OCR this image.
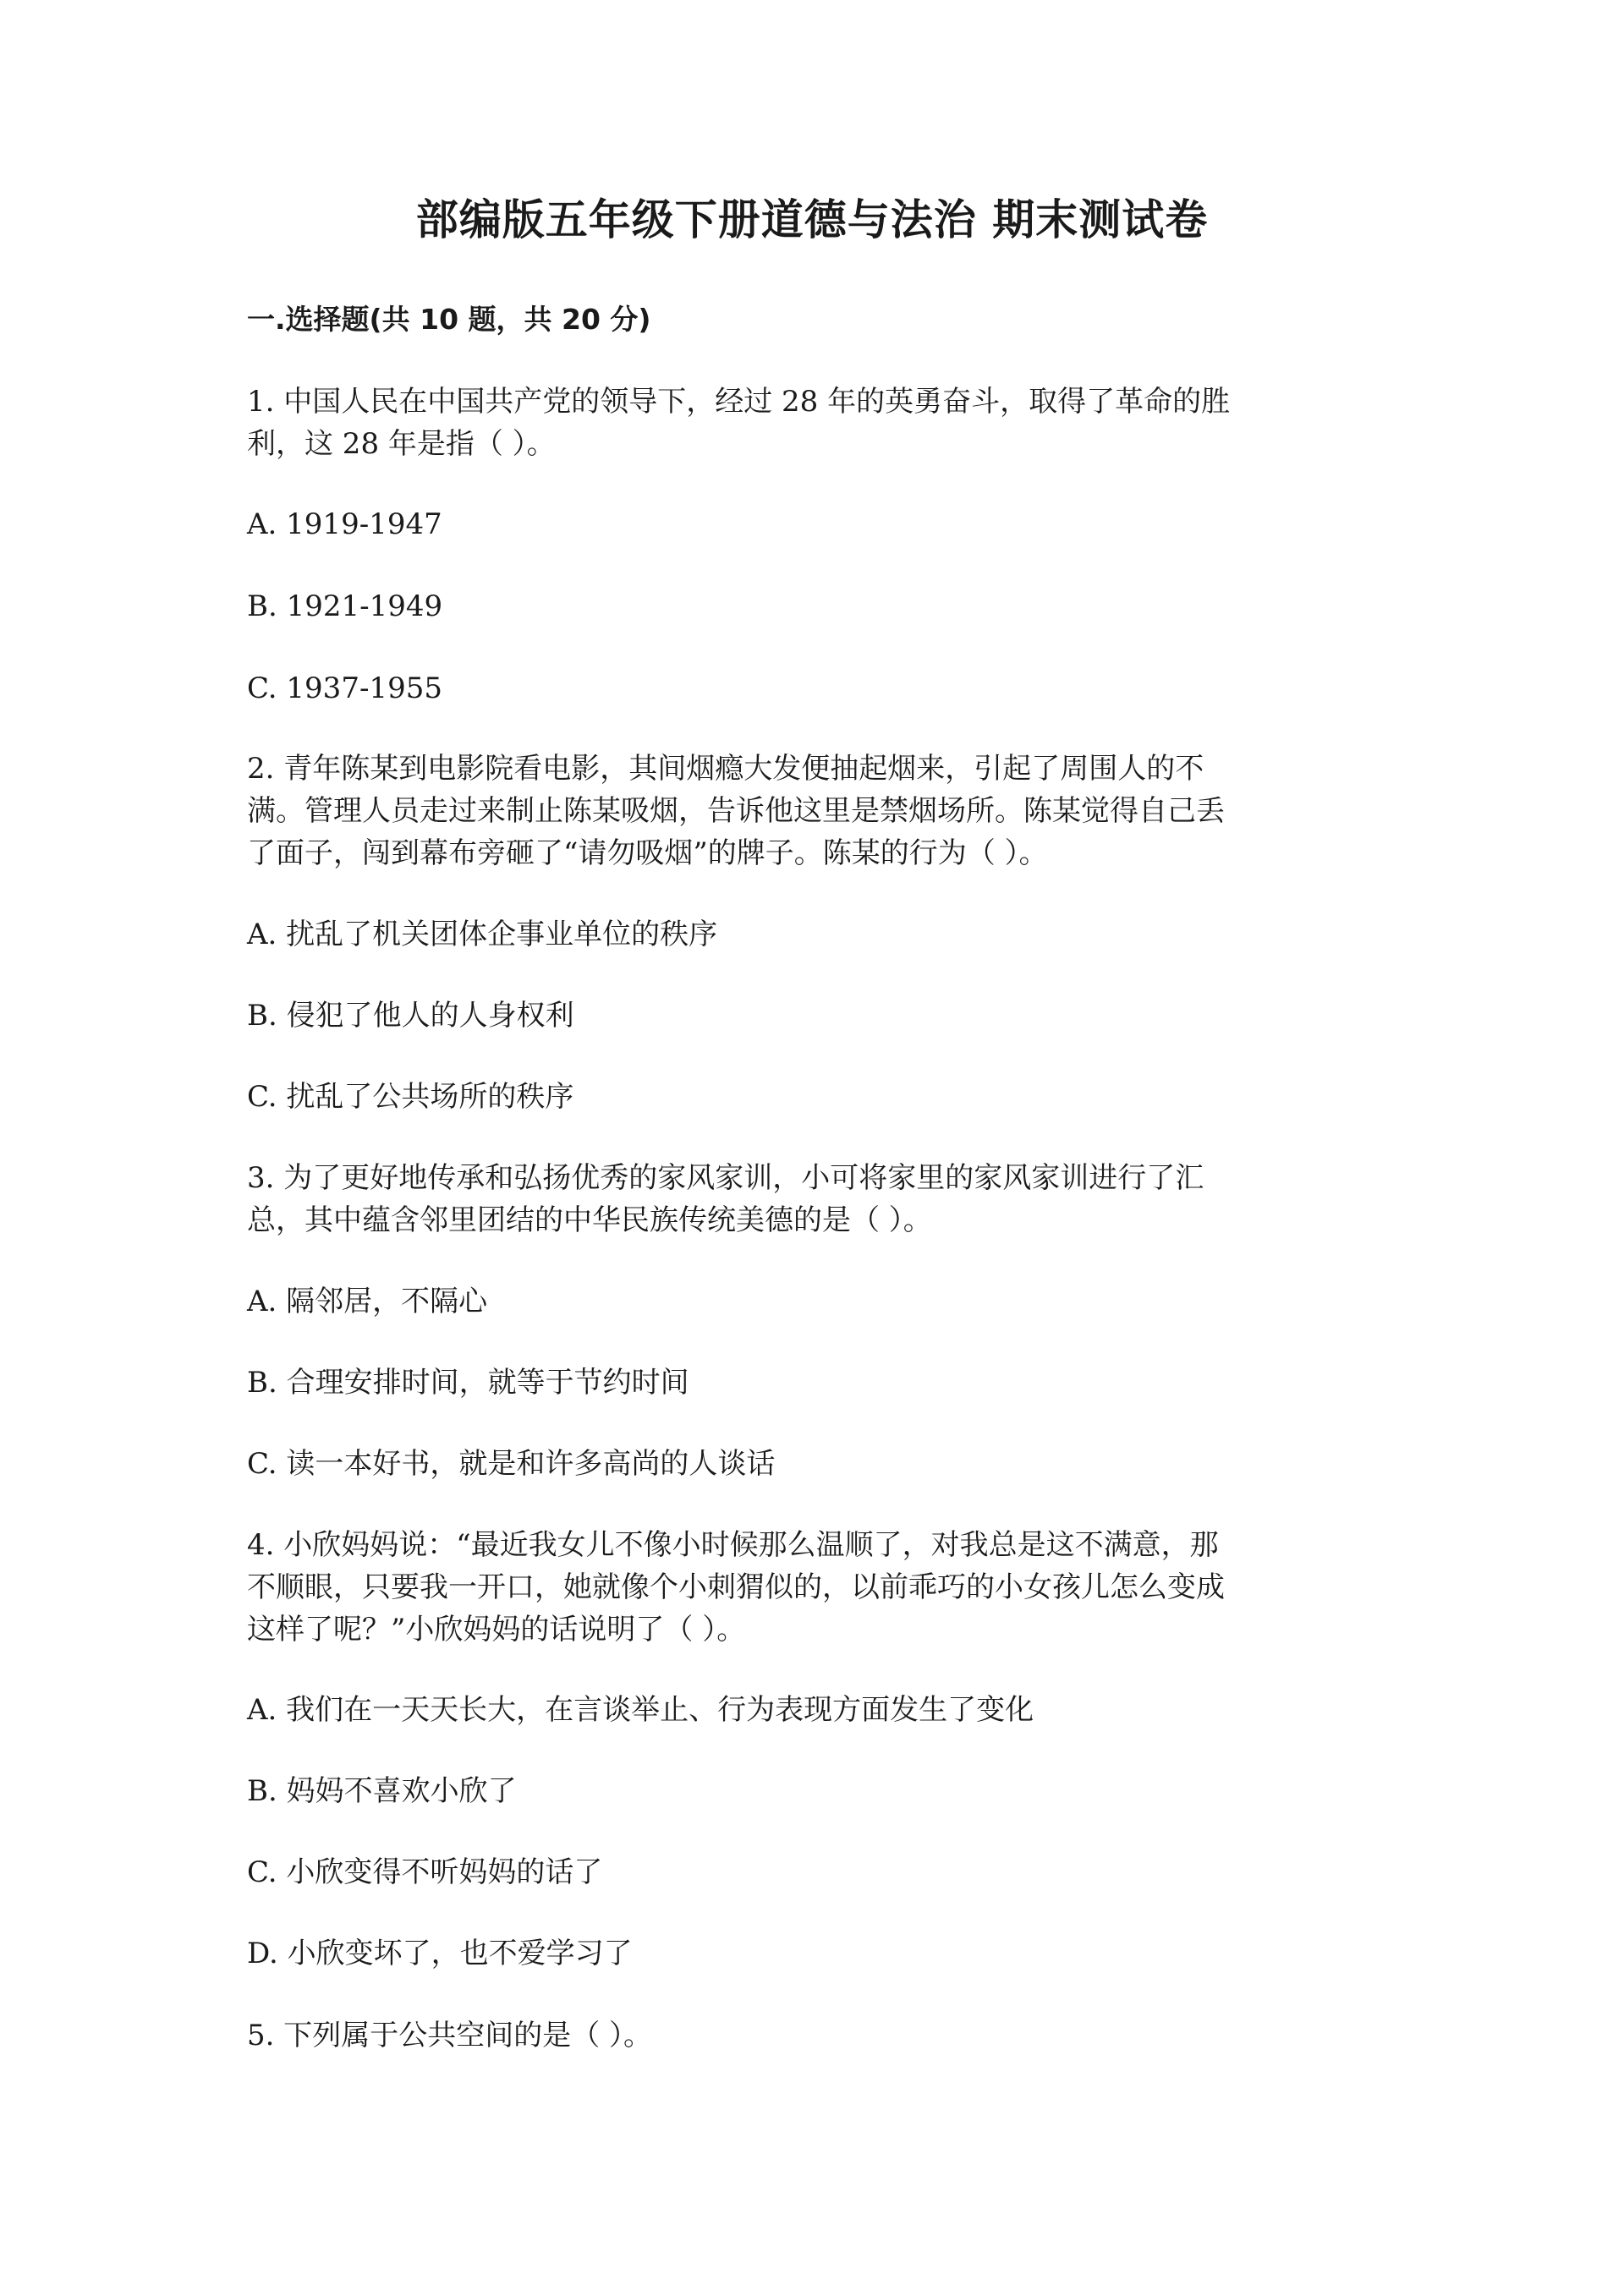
部编版五年级下册道德与法治 期末测试卷
一.选择题(共 10 题，共 20 分)
1. 中国人民在中国共产党的领导下，经过 28 年的英勇奋斗，取得了革命的胜
利，这 28 年是指（ ）。
A. 1919-1947
B. 1921-1949
C. 1937-1955
2. 青年陈某到电影院看电影，其间烟瘾大发便抽起烟来，引起了周围人的不
满。管理人员走过来制止陈某吸烟，告诉他这里是禁烟场所。陈某觉得自己丢
了面子，闯到幕布旁砸了“请勿吸烟”的牌子。陈某的行为（ ）。
A. 扰乱了机关团体企事业单位的秩序
B. 侵犯了他人的人身权利
C. 扰乱了公共场所的秩序
3. 为了更好地传承和弘扬优秀的家风家训，小可将家里的家风家训进行了汇
总，其中蕴含邻里团结的中华民族传统美德的是（ ）。
A. 隔邻居，不隔心
B. 合理安排时间，就等于节约时间
C. 读一本好书，就是和许多高尚的人谈话
4. 小欣妈妈说：“最近我女儿不像小时候那么温顺了，对我总是这不满意，那
不顺眼，只要我一开口，她就像个小刺猬似的，以前乖巧的小女孩儿怎么变成
这样了呢？”小欣妈妈的话说明了（ ）。
A. 我们在一天天长大，在言谈举止、行为表现方面发生了变化
B. 妈妈不喜欢小欣了
C. 小欣变得不听妈妈的话了
D. 小欣变坏了，也不爱学习了
5. 下列属于公共空间的是（ ）。
